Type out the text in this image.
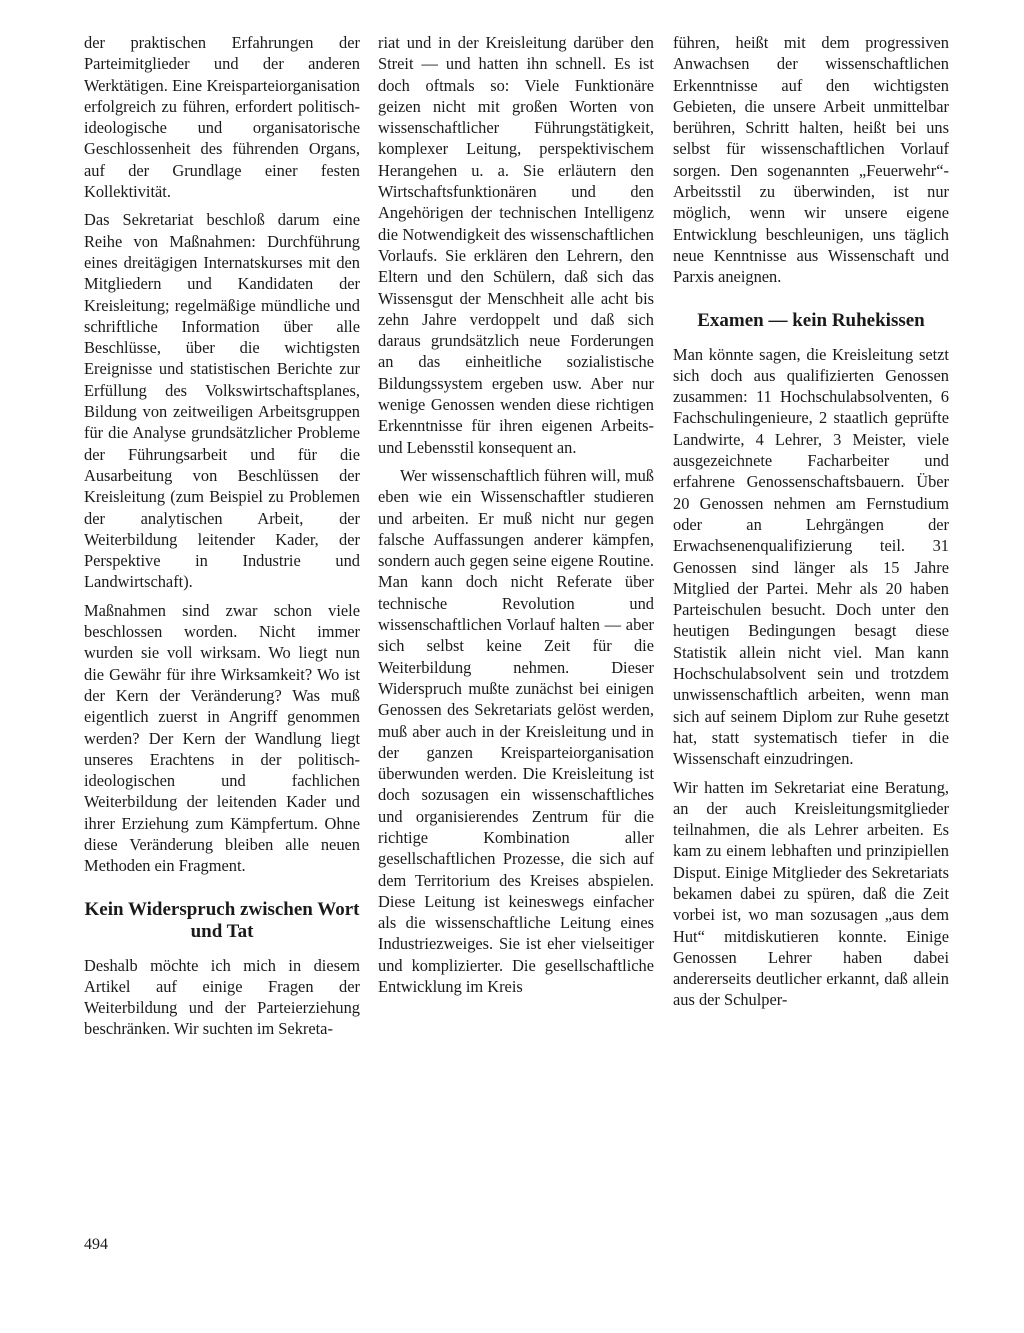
der praktischen Erfahrungen der Parteimitglieder und der anderen Werktätigen. Eine Kreisparteiorganisation erfolgreich zu führen, erfordert politisch-ideologische und organisatorische Geschlossenheit des führenden Organs, auf der Grundlage einer festen Kollektivität.

Das Sekretariat beschloß darum eine Reihe von Maßnahmen: Durchführung eines dreitägigen Internatskurses mit den Mitgliedern und Kandidaten der Kreisleitung; regelmäßige mündliche und schriftliche Information über alle Beschlüsse, über die wichtigsten Ereignisse und statistischen Berichte zur Erfüllung des Volkswirtschaftsplanes, Bildung von zeitweiligen Arbeitsgruppen für die Analyse grundsätzlicher Probleme der Führungsarbeit und für die Ausarbeitung von Beschlüssen der Kreisleitung (zum Beispiel zu Problemen der analytischen Arbeit, der Weiterbildung leitender Kader, der Perspektive in Industrie und Landwirtschaft).

Maßnahmen sind zwar schon viele beschlossen worden. Nicht immer wurden sie voll wirksam. Wo liegt nun die Gewähr für ihre Wirksamkeit? Wo ist der Kern der Veränderung? Was muß eigentlich zuerst in Angriff genommen werden? Der Kern der Wandlung liegt unseres Erachtens in der politisch-ideologischen und fachlichen Weiterbildung der leitenden Kader und ihrer Erziehung zum Kämpfertum. Ohne diese Veränderung bleiben alle neuen Methoden ein Fragment.

Kein Widerspruch zwischen Wort und Tat

Deshalb möchte ich mich in diesem Artikel auf einige Fragen der Weiterbildung und der Parteierziehung beschränken. Wir suchten im Sekreta-

riat und in der Kreisleitung darüber den Streit — und hatten ihn schnell. Es ist doch oftmals so: Viele Funktionäre geizen nicht mit großen Worten von wissenschaftlicher Führungstätigkeit, komplexer Leitung, perspektivischem Herangehen u. a. Sie erläutern den Wirtschaftsfunktionären und den Angehörigen der technischen Intelligenz die Notwendigkeit des wissenschaftlichen Vorlaufs. Sie erklären den Lehrern, den Eltern und den Schülern, daß sich das Wissensgut der Menschheit alle acht bis zehn Jahre verdoppelt und daß sich daraus grundsätzlich neue Forderungen an das einheitliche sozialistische Bildungssystem ergeben usw. Aber nur wenige Genossen wenden diese richtigen Erkenntnisse für ihren eigenen Arbeits- und Lebensstil konsequent an.

Wer wissenschaftlich führen will, muß eben wie ein Wissenschaftler studieren und arbeiten. Er muß nicht nur gegen falsche Auffassungen anderer kämpfen, sondern auch gegen seine eigene Routine. Man kann doch nicht Referate über technische Revolution und wissenschaftlichen Vorlauf halten — aber sich selbst keine Zeit für die Weiterbildung nehmen. Dieser Widerspruch mußte zunächst bei einigen Genossen des Sekretariats gelöst werden, muß aber auch in der Kreisleitung und in der ganzen Kreisparteiorganisation überwunden werden. Die Kreisleitung ist doch sozusagen ein wissenschaftliches und organisierendes Zentrum für die richtige Kombination aller gesellschaftlichen Prozesse, die sich auf dem Territorium des Kreises abspielen. Diese Leitung ist keineswegs einfacher als die wissenschaftliche Leitung eines Industriezweiges. Sie ist eher vielseitiger und komplizierter. Die gesellschaftliche Entwicklung im Kreis

führen, heißt mit dem progressiven Anwachsen der wissenschaftlichen Erkenntnisse auf den wichtigsten Gebieten, die unsere Arbeit unmittelbar berühren, Schritt halten, heißt bei uns selbst für wissenschaftlichen Vorlauf sorgen. Den sogenannten „Feuerwehr“-Arbeitsstil zu überwinden, ist nur möglich, wenn wir unsere eigene Entwicklung beschleunigen, uns täglich neue Kenntnisse aus Wissenschaft und Parxis aneignen.

Examen — kein Ruhekissen

Man könnte sagen, die Kreisleitung setzt sich doch aus qualifizierten Genossen zusammen: 11 Hochschulabsolventen, 6 Fachschulingenieure, 2 staatlich geprüfte Landwirte, 4 Lehrer, 3 Meister, viele ausgezeichnete Facharbeiter und erfahrene Genossenschaftsbauern. Über 20 Genossen nehmen am Fernstudium oder an Lehrgängen der Erwachsenenqualifizierung teil. 31 Genossen sind länger als 15 Jahre Mitglied der Partei. Mehr als 20 haben Parteischulen besucht. Doch unter den heutigen Bedingungen besagt diese Statistik allein nicht viel. Man kann Hochschulabsolvent sein und trotzdem unwissenschaftlich arbeiten, wenn man sich auf seinem Diplom zur Ruhe gesetzt hat, statt systematisch tiefer in die Wissenschaft einzudringen.

Wir hatten im Sekretariat eine Beratung, an der auch Kreisleitungsmitglieder teilnahmen, die als Lehrer arbeiten. Es kam zu einem lebhaften und prinzipiellen Disput. Einige Mitglieder des Sekretariats bekamen dabei zu spüren, daß die Zeit vorbei ist, wo man sozusagen „aus dem Hut“ mitdiskutieren konnte. Einige Genossen Lehrer haben dabei andererseits deutlicher erkannt, daß allein aus der Schulper-

494
